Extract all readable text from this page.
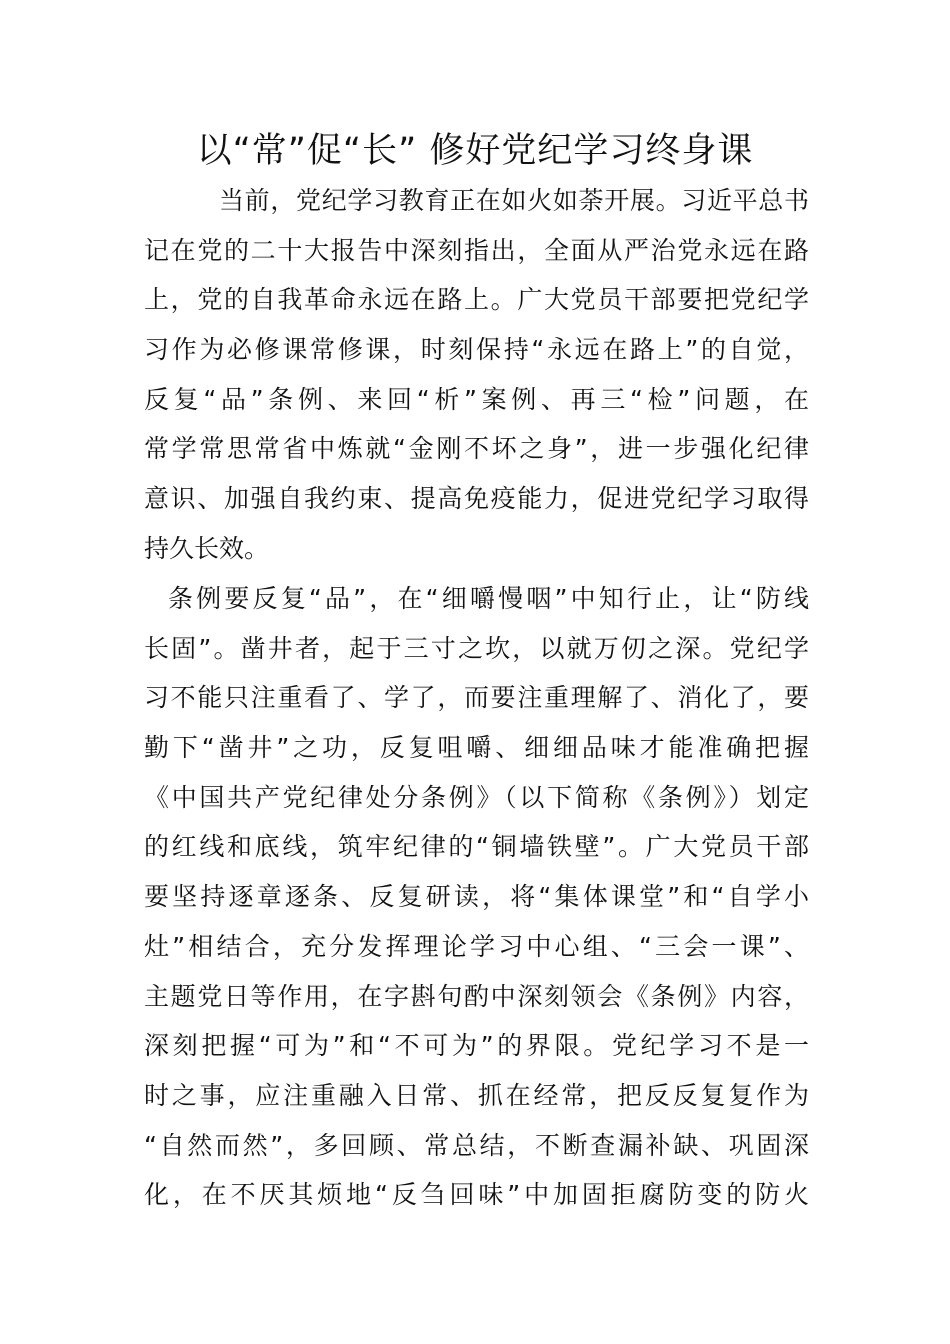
以“常”促“长” 修好党纪学习终身课
当前，党纪学习教育正在如火如荼开展。习近平总书
记在党的二十大报告中深刻指出，全面从严治党永远在路
上，党的自我革命永远在路上。广大党员干部要把党纪学
习作为必修课常修课，时刻保持“永远在路上”的自觉，
反复“品”条例、来回“析”案例、再三“检”问题，在
常学常思常省中炼就“金刚不坏之身”，进一步强化纪律
意识、加强自我约束、提高免疫能力，促进党纪学习取得
持久长效。
条例要反复“品”，在“细嚼慢咽”中知行止，让“防线
长固”。凿井者，起于三寸之坎，以就万仞之深。党纪学
习不能只注重看了、学了，而要注重理解了、消化了，要
勤下“凿井”之功，反复咀嚼、细细品味才能准确把握
《中国共产党纪律处分条例》（以下简称《条例》）划定
的红线和底线，筑牢纪律的“铜墙铁壁”。广大党员干部
要坚持逐章逐条、反复研读，将“集体课堂”和“自学小
灶”相结合，充分发挥理论学习中心组、“三会一课”、
主题党日等作用，在字斟句酌中深刻领会《条例》内容，
深刻把握“可为”和“不可为”的界限。党纪学习不是一
时之事，应注重融入日常、抓在经常，把反反复复作为
“自然而然”，多回顾、常总结，不断查漏补缺、巩固深
化，在不厌其烦地“反刍回味”中加固拒腐防变的防火
